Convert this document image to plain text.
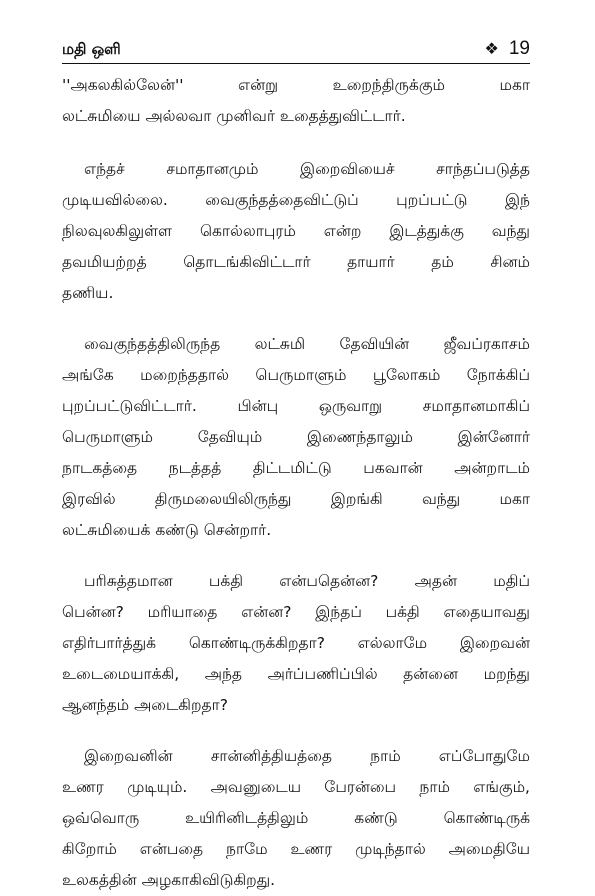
மதி ஒளி	❖ 19

''அகலகில்லேன்'' என்று உறைந்திருக்கும் மகா
லட்சுமியை அல்லவா முனிவர் உதைத்துவிட்டார்.

எந்தச் சமாதானமும் இறைவியைச் சாந்தப்படுத்த
முடியவில்லை. வைகுந்தத்தைவிட்டுப் புறப்பட்டு இந்
நிலவுலகிலுள்ள கொல்லாபுரம் என்ற இடத்துக்கு வந்து
தவமியற்றத் தொடங்கிவிட்டார் தாயார் தம் சினம்
தணிய.

வைகுந்தத்திலிருந்த லட்சுமி தேவியின் ஜீவப்ரகாசம்
அங்கே மறைந்ததால் பெருமாளும் பூலோகம் நோக்கிப்
புறப்பட்டுவிட்டார். பின்பு ஒருவாறு சமாதானமாகிப்
பெருமாளும் தேவியும் இணைந்தாலும் இன்னோர்
நாடகத்தை நடத்தத் திட்டமிட்டு பகவான் அன்றாடம்
இரவில் திருமலையிலிருந்து இறங்கி வந்து மகா
லட்சுமியைக் கண்டு சென்றார்.

பரிசுத்தமான பக்தி என்பதென்ன? அதன் மதிப்
பென்ன? மரியாதை என்ன? இந்தப் பக்தி எதையாவது
எதிர்பார்த்துக் கொண்டிருக்கிறதா? எல்லாமே இறைவன்
உடைமையாக்கி, அந்த அர்ப்பணிப்பில் தன்னை மறந்து
ஆனந்தம் அடைகிறதா?

இறைவனின் சான்னித்தியத்தை நாம் எப்போதுமே
உணர முடியும். அவனுடைய பேரன்பை நாம் எங்கும்,
ஒவ்வொரு உயிரினிடத்திலும் கண்டு கொண்டிருக்
கிறோம் என்பதை நாமே உணர முடிந்தால் அமைதியே
உலகத்தின் அழகாகிவிடுகிறது.
